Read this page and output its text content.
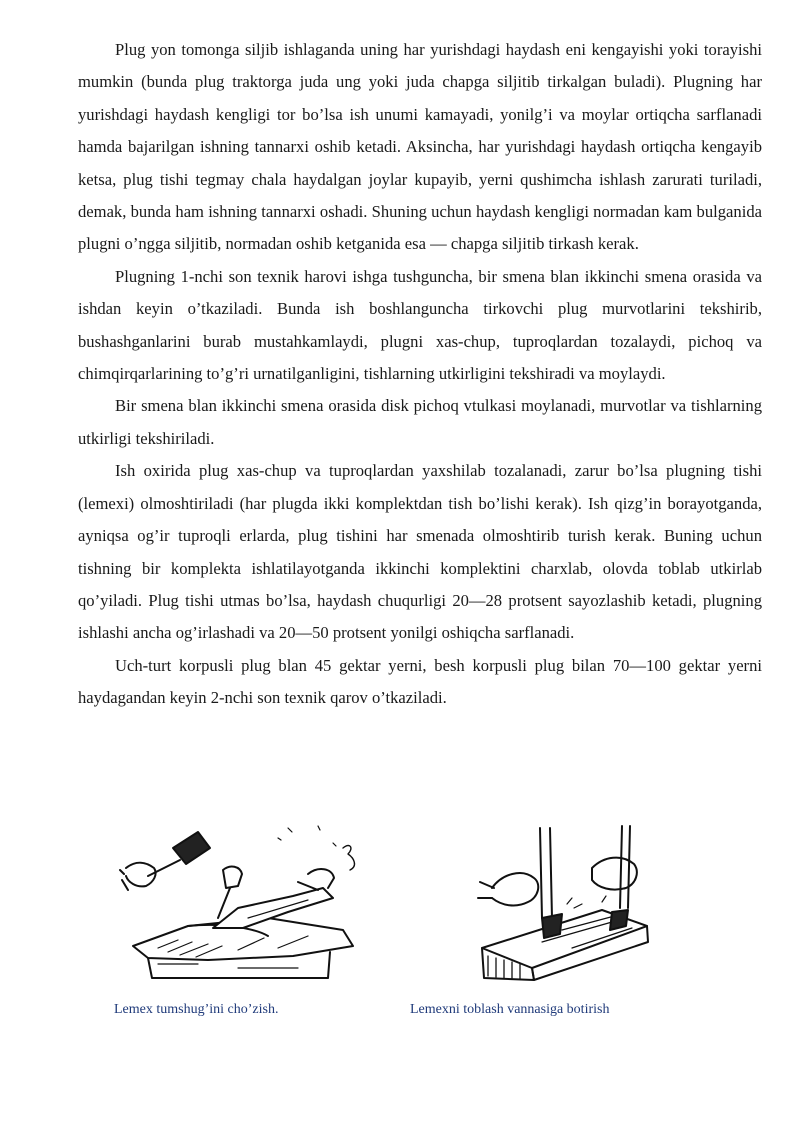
Plug yon tomonga siljib ishlaganda uning har yurishdagi haydash eni kengayishi yoki torayishi mumkin (bunda plug traktorga juda ung yoki juda chapga siljitib tirkalgan buladi). Plugning har yurishdagi haydash kengligi tor bo’lsa ish unumi kamayadi, yonilg’i va moylar ortiqcha sarflanadi hamda bajarilgan ishning tannarxi oshib ketadi. Aksincha, har yurishdagi haydash ortiqcha kengayib ketsa, plug tishi tegmay chala haydalgan joylar kupayib, yerni qushimcha ishlash zarurati turiladi, demak, bunda ham ishning tannarxi oshadi. Shuning uchun haydash kengligi normadan kam bulganida plugni o’ngga siljitib, normadan oshib ketganida esa — chapga siljitib tirkash kerak.

Plugning 1-nchi son texnik harovi ishga tushguncha, bir smena blan ikkinchi smena orasida va ishdan keyin o’tkaziladi. Bunda ish boshlanguncha tirkovchi plug murvotlarini tekshirib, bushashganlarini burab mustahkamlaydi, plugni xas-chup, tuproqlardan tozalaydi, pichoq va chimqirqarlarining to’g’ri urnatilganligini, tishlarning utkirligini tekshiradi va moylaydi.

Bir smena blan ikkinchi smena orasida disk pichoq vtulkasi moylanadi, murvotlar va tishlarning utkirligi tekshiriladi.

Ish oxirida plug xas-chup va tuproqlardan yaxshilab tozalanadi, zarur bo’lsa plugning tishi (lemexi) olmoshtiriladi (har plugda ikki komplektdan tish bo’lishi kerak). Ish qizg’in borayotganda, ayniqsa og’ir tuproqli erlarda, plug tishini har smenada olmoshtirib turish kerak. Buning uchun tishning bir komplekta ishlatilayotganda ikkinchi komplektini charxlab, olovda toblab utkirlab qo’yiladi. Plug tishi utmas bo’lsa, haydash chuqurligi 20—28 protsent sayozlashib ketadi, plugning ishlashi ancha og’irlashadi va 20—50 protsent yonilgi oshiqcha sarflanadi.

Uch-turt korpusli plug blan 45 gektar yerni, besh korpusli plug bilan 70—100 gektar yerni haydagandan keyin 2-nchi son texnik qarov o’tkaziladi.

Lemex tumshug’ini cho’zish.	Lemexni toblash vannasiga botirish
